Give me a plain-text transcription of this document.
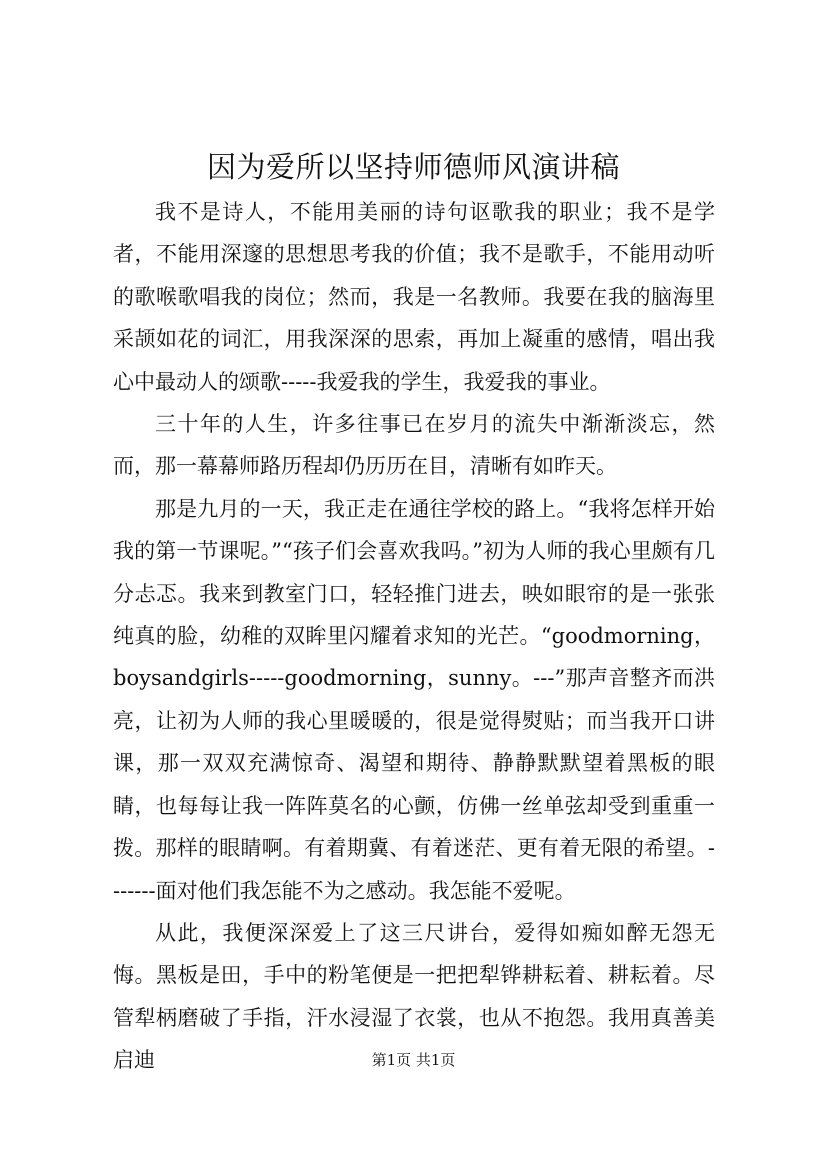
因为爱所以坚持师德师风演讲稿

我不是诗人，不能用美丽的诗句讴歌我的职业；我不是学者，不能用深邃的思想思考我的价值；我不是歌手，不能用动听的歌喉歌唱我的岗位；然而，我是一名教师。我要在我的脑海里采颉如花的词汇，用我深深的思索，再加上凝重的感情，唱出我心中最动人的颂歌-----我爱我的学生，我爱我的事业。

三十年的人生，许多往事已在岁月的流失中渐渐淡忘，然而，那一幕幕师路历程却仍历历在目，清晰有如昨天。

那是九月的一天，我正走在通往学校的路上。“我将怎样开始我的第一节课呢。”“孩子们会喜欢我吗。”初为人师的我心里颇有几分忐忑。我来到教室门口，轻轻推门进去，映如眼帘的是一张张纯真的脸，幼稚的双眸里闪耀着求知的光芒。“goodmorning，boysandgirls-----goodmorning，sunny。---”那声音整齐而洪亮，让初为人师的我心里暖暖的，很是觉得熨贴；而当我开口讲课，那一双双充满惊奇、渴望和期待、静静默默望着黑板的眼睛，也每每让我一阵阵莫名的心颤，仿佛一丝单弦却受到重重一拨。那样的眼睛啊。有着期冀、有着迷茫、更有着无限的希望。-------面对他们我怎能不为之感动。我怎能不爱呢。

从此，我便深深爱上了这三尺讲台，爱得如痴如醉无怨无悔。黑板是田，手中的粉笔便是一把把犁铧耕耘着、耕耘着。尽管犁柄磨破了手指，汗水浸湿了衣裳，也从不抱怨。我用真善美启迪	第1页 共1页
